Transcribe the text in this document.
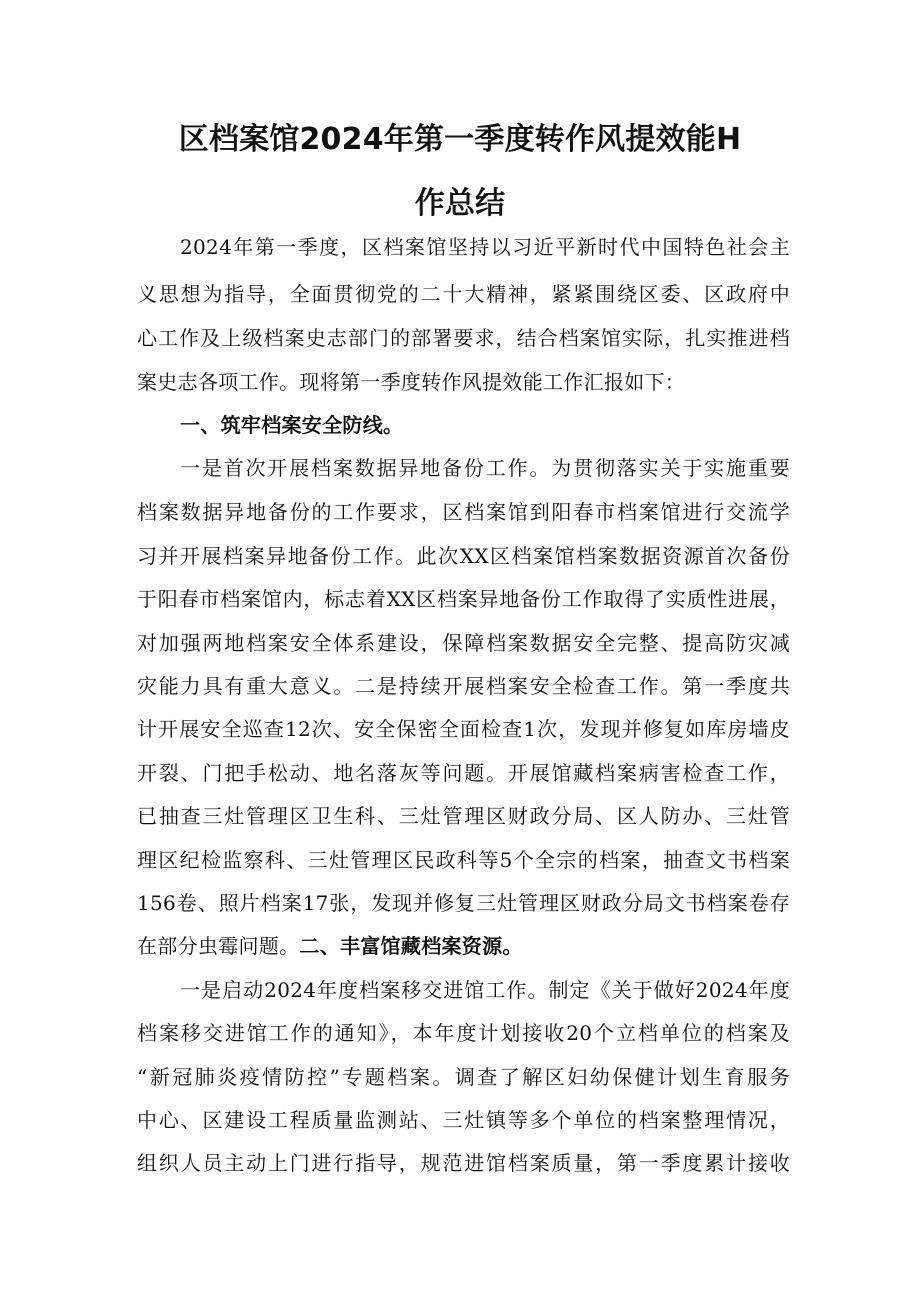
区档案馆2024年第一季度转作风提效能H
作总结
2024年第一季度，区档案馆坚持以习近平新时代中国特色社会主
义思想为指导，全面贯彻党的二十大精神，紧紧围绕区委、区政府中
心工作及上级档案史志部门的部署要求，结合档案馆实际，扎实推进档
案史志各项工作。现将第一季度转作风提效能工作汇报如下：
一、筑牢档案安全防线。
一是首次开展档案数据异地备份工作。为贯彻落实关于实施重要
档案数据异地备份的工作要求，区档案馆到阳春市档案馆进行交流学
习并开展档案异地备份工作。此次XX区档案馆档案数据资源首次备份
于阳春市档案馆内，标志着XX区档案异地备份工作取得了实质性进展，
对加强两地档案安全体系建设，保障档案数据安全完整、提高防灾减
灾能力具有重大意义。二是持续开展档案安全检查工作。第一季度共
计开展安全巡查12次、安全保密全面检查1次，发现并修复如库房墙皮
开裂、门把手松动、地名落灰等问题。开展馆藏档案病害检查工作，
已抽查三灶管理区卫生科、三灶管理区财政分局、区人防办、三灶管
理区纪检监察科、三灶管理区民政科等5个全宗的档案，抽查文书档案
156卷、照片档案17张，发现并修复三灶管理区财政分局文书档案卷存
在部分虫霉问题。二、丰富馆藏档案资源。
一是启动2024年度档案移交进馆工作。制定《关于做好2024年度
档案移交进馆工作的通知》，本年度计划接收20个立档单位的档案及
“新冠肺炎疫情防控”专题档案。调查了解区妇幼保健计划生育服务
中心、区建设工程质量监测站、三灶镇等多个单位的档案整理情况，
组织人员主动上门进行指导，规范进馆档案质量，第一季度累计接收
